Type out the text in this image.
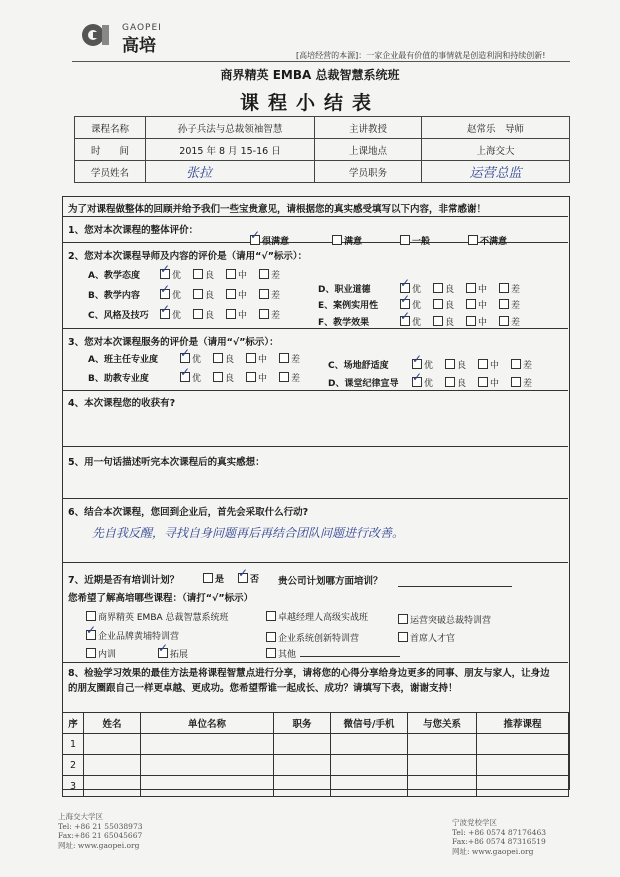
GAOPEI
高培	[高培经营的本源]：一家企业最有价值的事情就是创造利润和持续创新!
商界精英 EMBA 总裁智慧系统班
课程小结表
课程名称	孙子兵法与总裁领袖智慧	主讲教授	赵常乐　导师
时　　间	2015 年 8 月 15-16 日	上课地点	上海交大
学员姓名	张拉	学员职务	运营总监
为了对课程做整体的回顾并给予我们一些宝贵意见，请根据您的真实感受填写以下内容，非常感谢！
1、您对本次课程的整体评价：	✓ 很满意	满意	一般	不满意
2、您对本次课程导师及内容的评价是（请用“√”标示）：
A、教学态度 ✓ 优	良	中	差
B、教学内容 ✓ 优	良	中	差
C、风格及技巧 ✓ 优	良	中	差
D、职业道德 ✓ 优	良	中	差
E、案例实用性 ✓ 优	良	中	差
F、教学效果	✓ 优	良	中	差
3、您对本次课程服务的评价是（请用“√”标示）：
A、班主任专业度 ✓ 优	良	中	差
B、助教专业度	✓ 优	良	中	差
C、场地舒适度 ✓ 优	良	中	差
D、课堂纪律宣导 ✓ 优	良	中	差
4、本次课程您的收获有?
5、用一句话描述听完本次课程后的真实感想：
6、结合本次课程，您回到企业后，首先会采取什么行动?
先自我反醒，寻找自身问题再后再结合团队问题进行改善。
7、近期是否有培训计划？	是 ✓ 否 贵公司计划哪方面培训？
您希望了解高培哪些课程：（请打“√”标示）
商界精英 EMBA 总裁智慧系统班	卓越经理人高级实战班	运营突破总裁特训营
✓ 企业品牌黄埔特训营	企业系统创新特训营	首席人才官
内训	✓ 拓展	其他
8、检验学习效果的最佳方法是将课程智慧点进行分享，请将您的心得分享给身边更多的同事、朋友与家人，让身边的朋友圈跟自己一样更卓越、更成功。您希望帮谁一起成长、成功？请填写下表，谢谢支持！
序	姓名	单位名称	职务	微信号/手机	与您关系	推荐课程
1						
2						
3						
上海交大学区
Tel: +86 21 55038973
Fax:+86 21 65045667
网址: www.gaopei.org
宁波党校学区
Tel: +86 0574 87176463
Fax:+86 0574 87316519
网址: www.gaopei.org
